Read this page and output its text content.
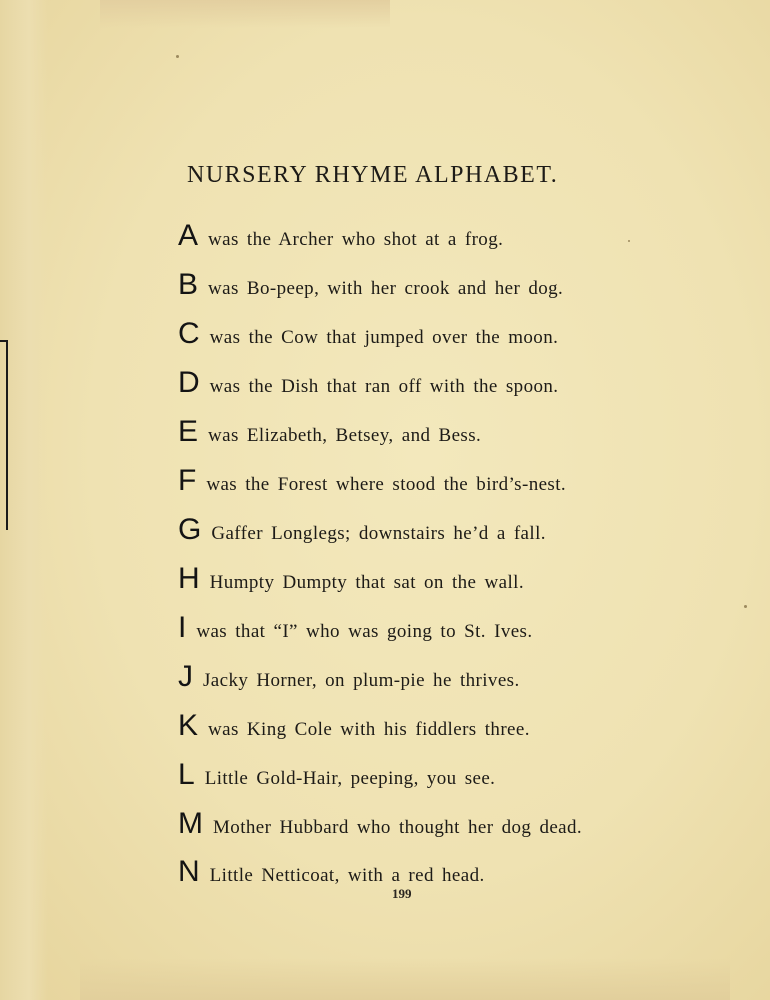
NURSERY RHYME ALPHABET.
A was the Archer who shot at a frog.
B was Bo-peep, with her crook and her dog.
C was the Cow that jumped over the moon.
D was the Dish that ran off with the spoon.
E was Elizabeth, Betsey, and Bess.
F was the Forest where stood the bird’s-nest.
G Gaffer Longlegs; downstairs he’d a fall.
H Humpty Dumpty that sat on the wall.
I was that “I” who was going to St. Ives.
J Jacky Horner, on plum-pie he thrives.
K was King Cole with his fiddlers three.
L Little Gold-Hair, peeping, you see.
M Mother Hubbard who thought her dog dead.
N Little Netticoat, with a red head.
199
